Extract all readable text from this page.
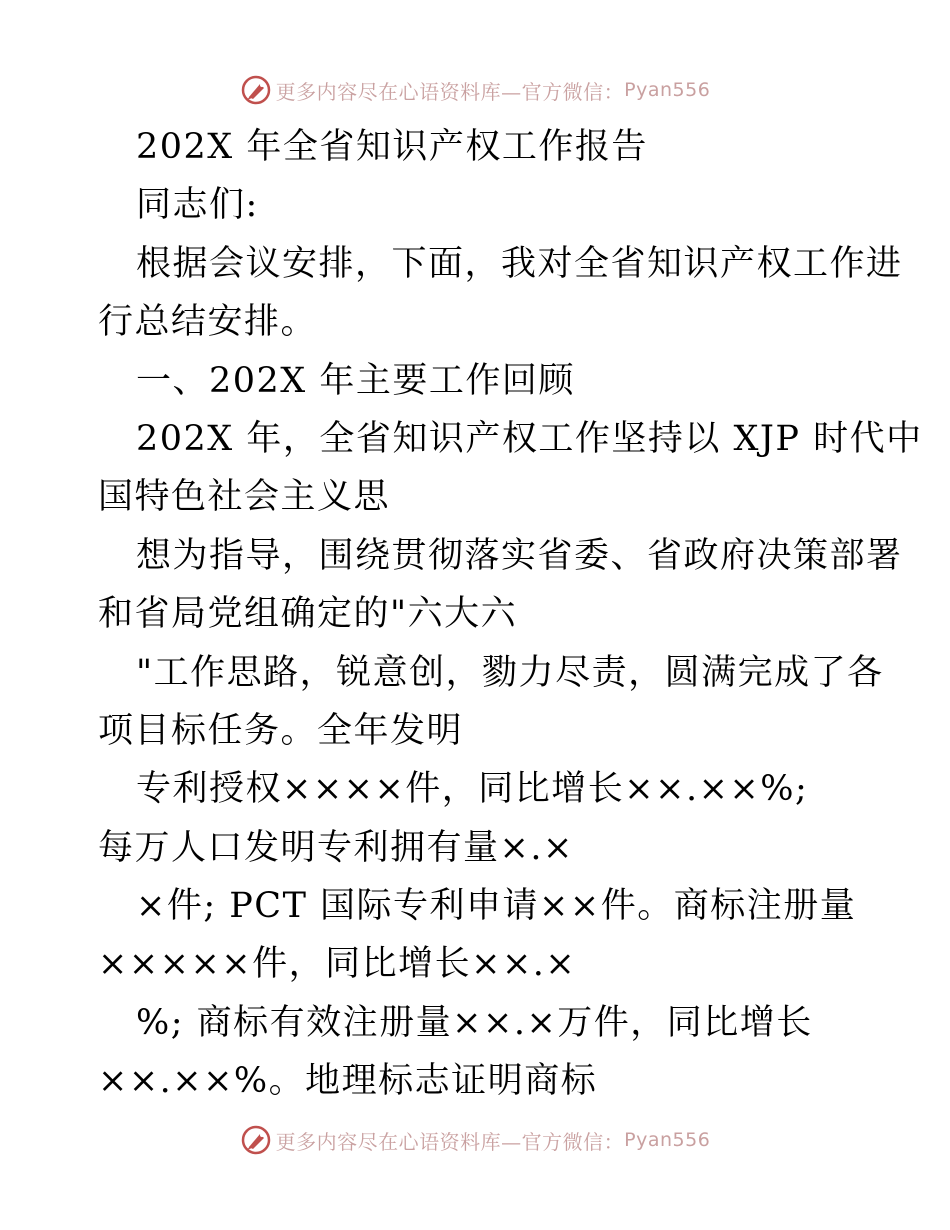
更多内容尽在心语资料库— 官方微信： Pyan556
202X 年全省知识产权工作报告
同志们:
根据会议安排，下面，我对全省知识产权工作进
行总结安排。
一、202X 年主要工作回顾
202X 年，全省知识产权工作坚持以 XJP 时代中
国特色社会主义思
想为指导，围绕贯彻落实省委、省政府决策部署
和省局党组确定的"六大六
"工作思路，锐意创，勠力尽责，圆满完成了各
项目标任务。全年发明
专利授权××××件，同比增长××.××%;
每万人口发明专利拥有量×.×
×件; PCT 国际专利申请××件。商标注册量
×××××件，同比增长××.×
%; 商标有效注册量××.×万件，同比增长
××.××%。地理标志证明商标
更多内容尽在心语资料库— 官方微信： Pyan556
